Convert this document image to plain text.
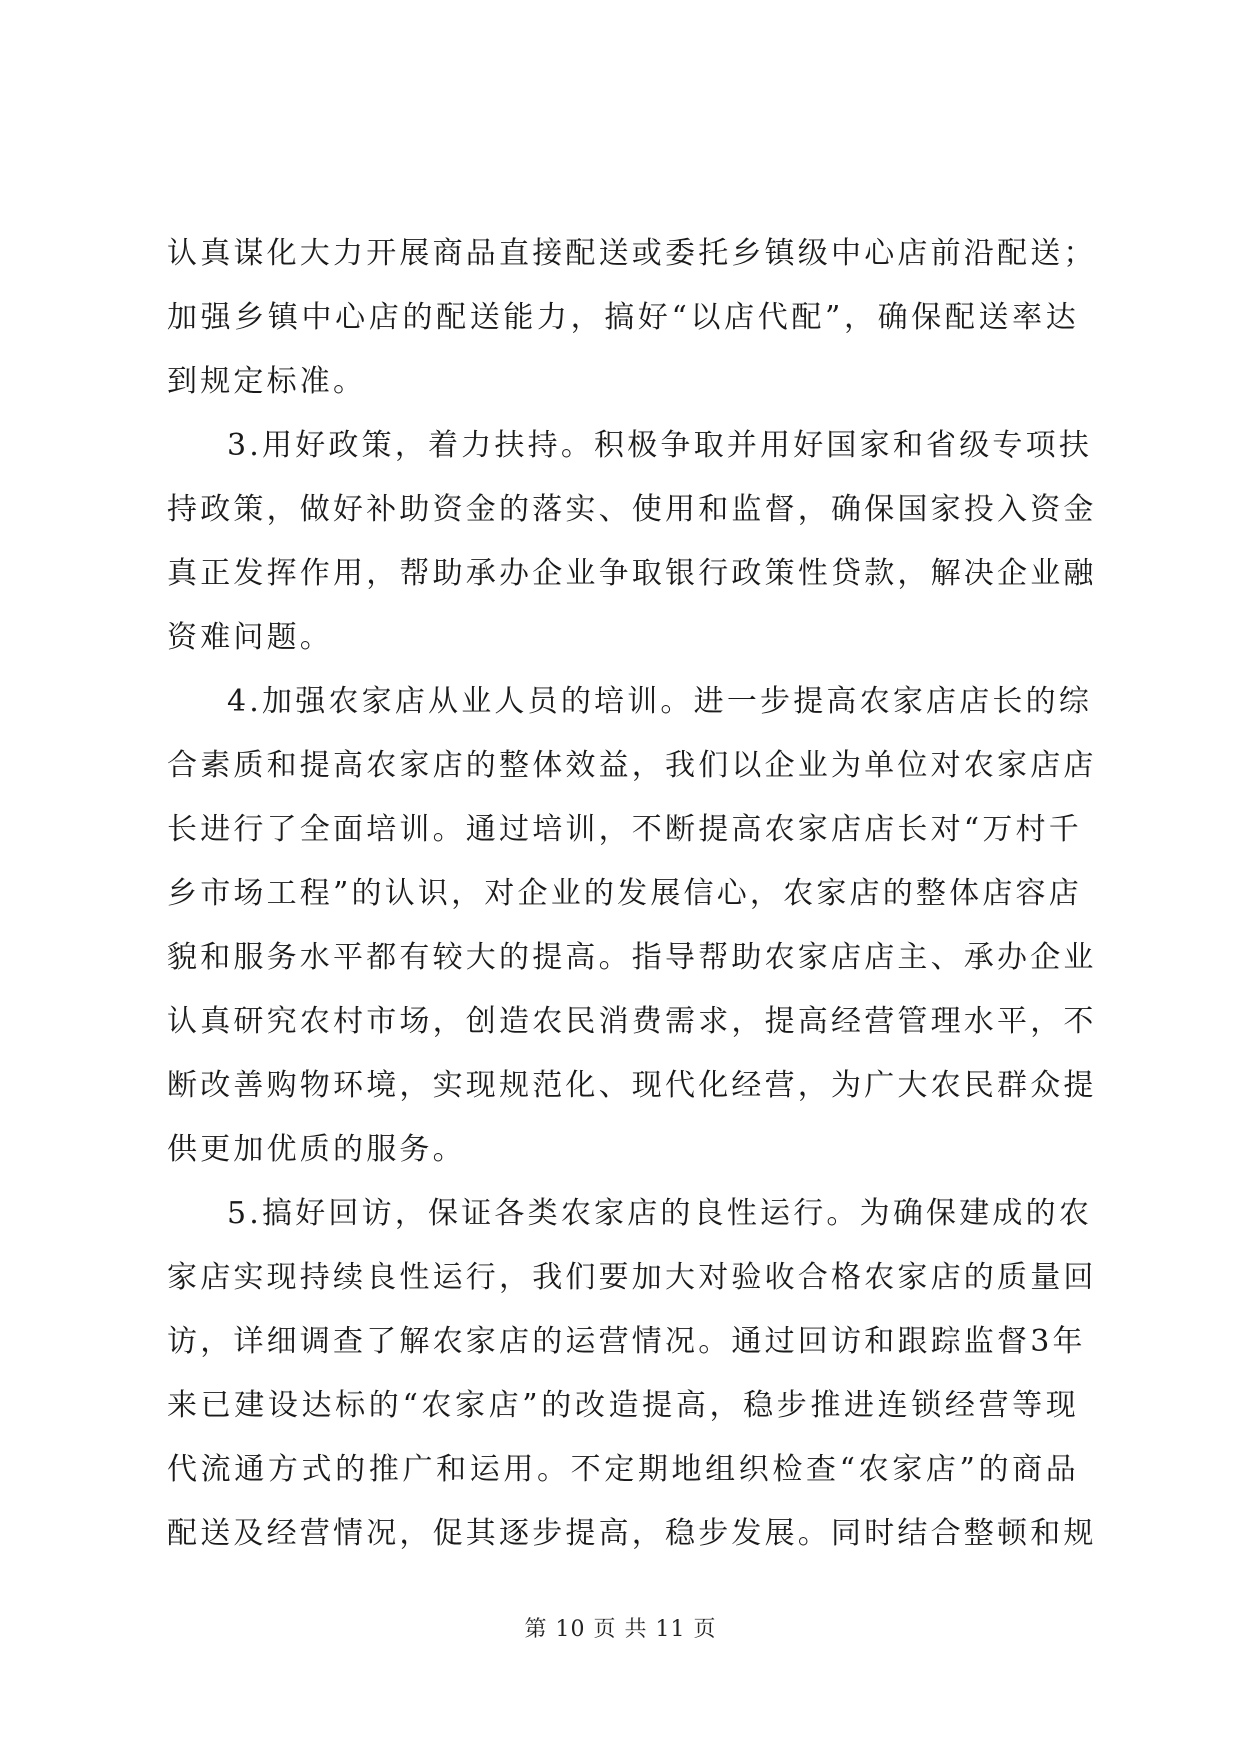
认真谋化大力开展商品直接配送或委托乡镇级中心店前沿配送；
加强乡镇中心店的配送能力，搞好“以店代配”，确保配送率达
到规定标准。
3.用好政策，着力扶持。积极争取并用好国家和省级专项扶
持政策，做好补助资金的落实、使用和监督，确保国家投入资金
真正发挥作用，帮助承办企业争取银行政策性贷款，解决企业融
资难问题。
4.加强农家店从业人员的培训。进一步提高农家店店长的综
合素质和提高农家店的整体效益，我们以企业为单位对农家店店
长进行了全面培训。通过培训，不断提高农家店店长对“万村千
乡市场工程”的认识，对企业的发展信心，农家店的整体店容店
貌和服务水平都有较大的提高。指导帮助农家店店主、承办企业
认真研究农村市场，创造农民消费需求，提高经营管理水平，不
断改善购物环境，实现规范化、现代化经营，为广大农民群众提
供更加优质的服务。
5.搞好回访，保证各类农家店的良性运行。为确保建成的农
家店实现持续良性运行，我们要加大对验收合格农家店的质量回
访，详细调查了解农家店的运营情况。通过回访和跟踪监督3年
来已建设达标的“农家店”的改造提高，稳步推进连锁经营等现
代流通方式的推广和运用。不定期地组织检查“农家店”的商品
配送及经营情况，促其逐步提高，稳步发展。同时结合整顿和规
第 10 页 共 11 页
